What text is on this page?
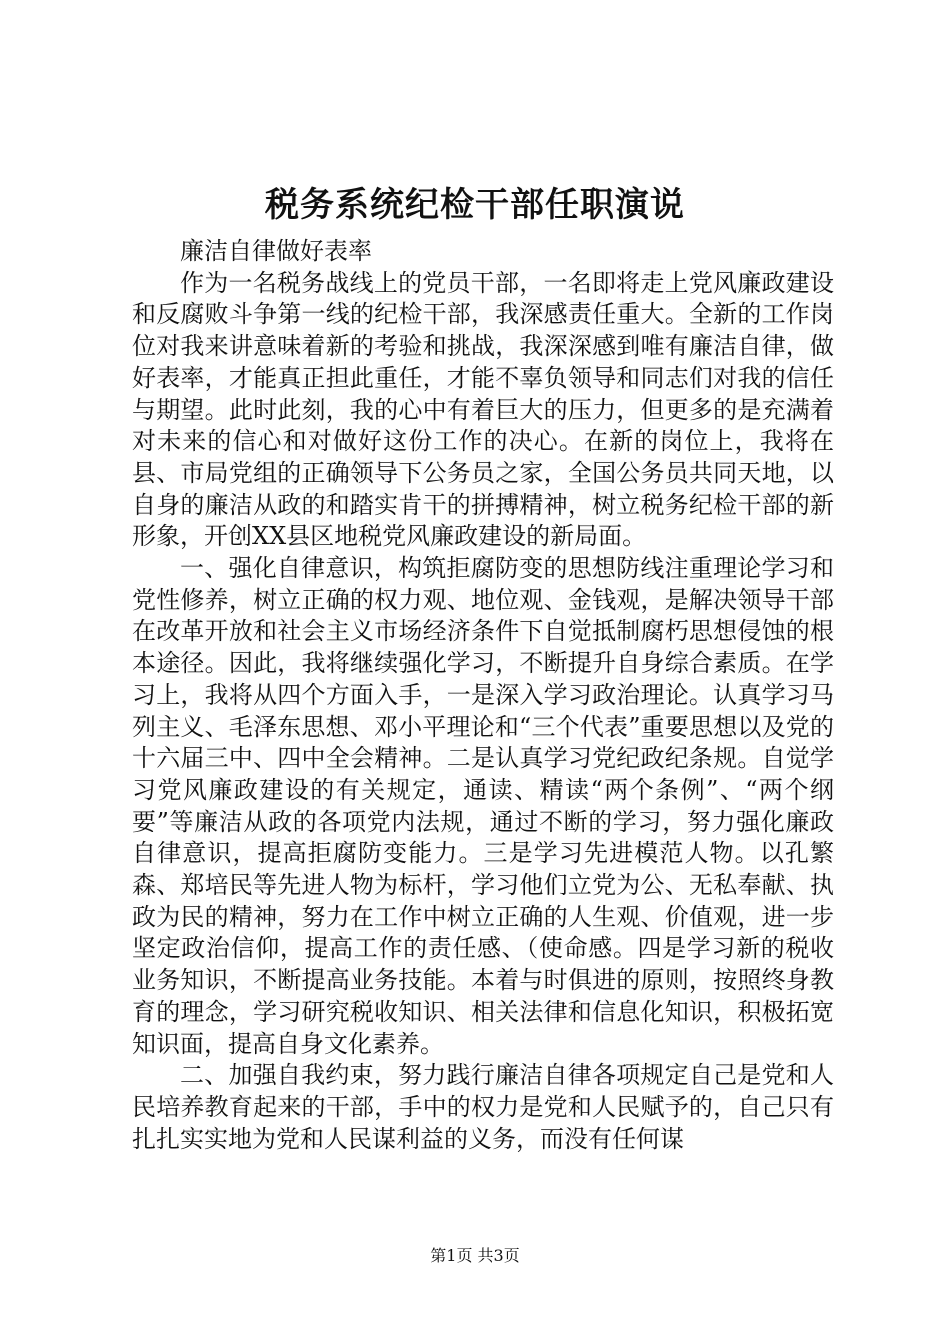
税务系统纪检干部任职演说

廉洁自律做好表率

作为一名税务战线上的党员干部，一名即将走上党风廉政建设和反腐败斗争第一线的纪检干部，我深感责任重大。全新的工作岗位对我来讲意味着新的考验和挑战，我深深感到唯有廉洁自律，做好表率，才能真正担此重任，才能不辜负领导和同志们对我的信任与期望。此时此刻，我的心中有着巨大的压力，但更多的是充满着对未来的信心和对做好这份工作的决心。在新的岗位上，我将在县、市局党组的正确领导下公务员之家，全国公务员共同天地，以自身的廉洁从政的和踏实肯干的拼搏精神，树立税务纪检干部的新形象，开创XX县区地税党风廉政建设的新局面。

一、强化自律意识，构筑拒腐防变的思想防线注重理论学习和党性修养，树立正确的权力观、地位观、金钱观，是解决领导干部在改革开放和社会主义市场经济条件下自觉抵制腐朽思想侵蚀的根本途径。因此，我将继续强化学习，不断提升自身综合素质。在学习上，我将从四个方面入手，一是深入学习政治理论。认真学习马列主义、毛泽东思想、邓小平理论和“三个代表”重要思想以及党的十六届三中、四中全会精神。二是认真学习党纪政纪条规。自觉学习党风廉政建设的有关规定，通读、精读“两个条例”、“两个纲要”等廉洁从政的各项党内法规，通过不断的学习，努力强化廉政自律意识，提高拒腐防变能力。三是学习先进模范人物。以孔繁森、郑培民等先进人物为标杆，学习他们立党为公、无私奉献、执政为民的精神，努力在工作中树立正确的人生观、价值观，进一步坚定政治信仰，提高工作的责任感、（使命感。四是学习新的税收业务知识，不断提高业务技能。本着与时俱进的原则，按照终身教育的理念，学习研究税收知识、相关法律和信息化知识，积极拓宽知识面，提高自身文化素养。

二、加强自我约束，努力践行廉洁自律各项规定自己是党和人民培养教育起来的干部，手中的权力是党和人民赋予的，自己只有扎扎实实地为党和人民谋利益的义务，而没有任何谋

第1页 共3页
